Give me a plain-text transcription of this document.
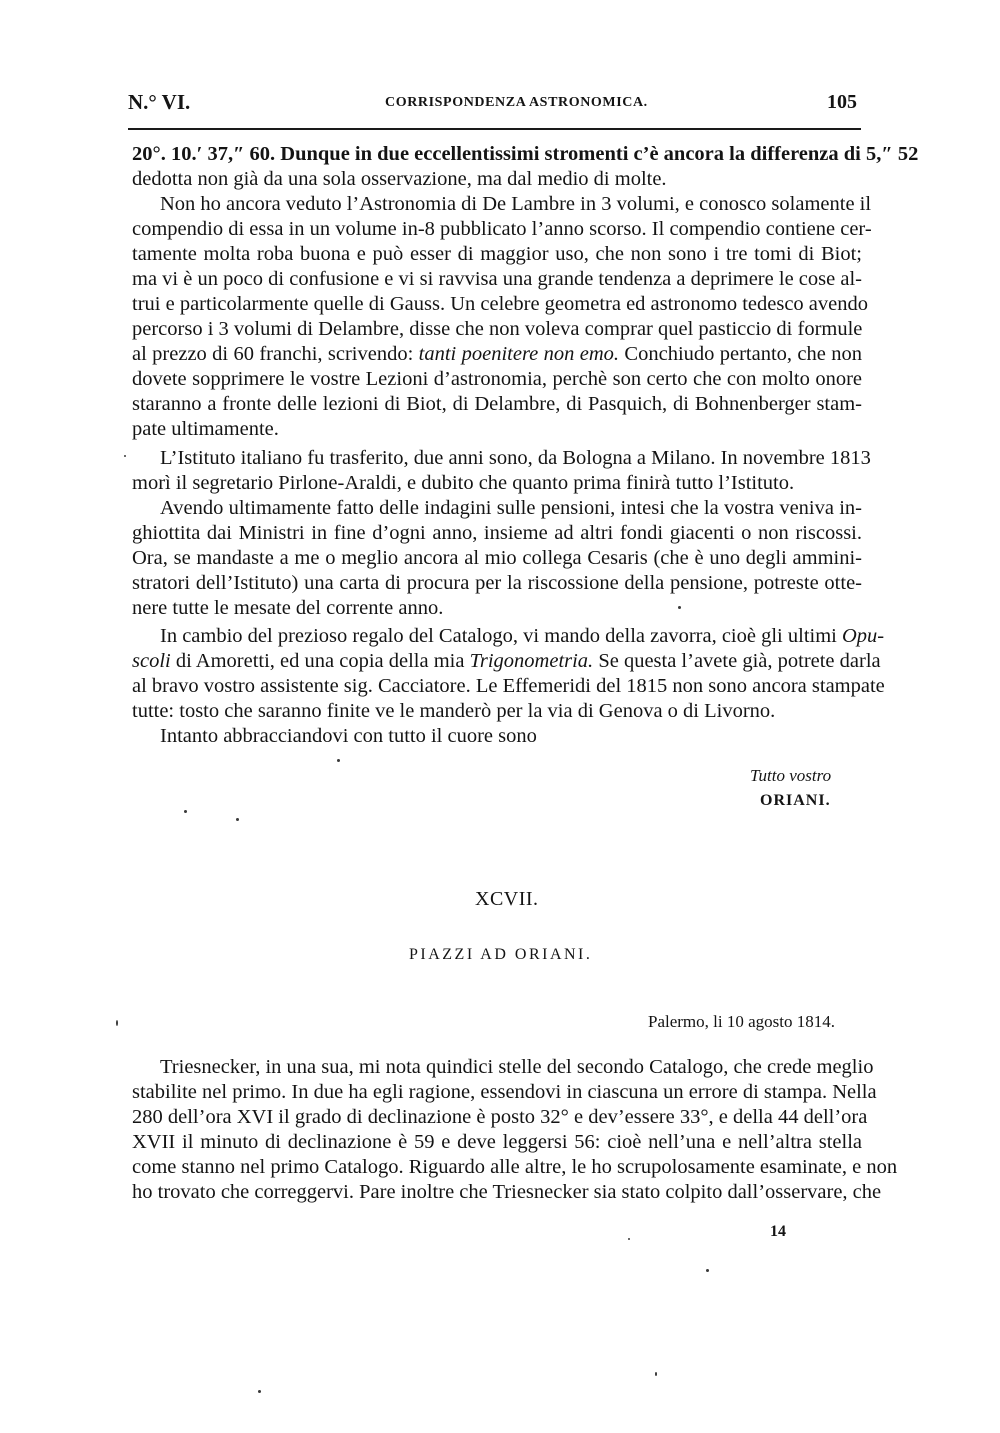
N.° VI.	CORRISPONDENZA ASTRONOMICA.	105
20°. 10.′ 37,″ 60. Dunque in due eccellentissimi stromenti c’è ancora la differenza di 5,″ 52
dedotta non già da una sola osservazione, ma dal medio di molte.
Non ho ancora veduto l’Astronomia di De Lambre in 3 volumi, e conosco solamente il
compendio di essa in un volume in-8 pubblicato l’anno scorso. Il compendio contiene cer-
tamente molta roba buona e può esser di maggior uso, che non sono i tre tomi di Biot;
ma vi è un poco di confusione e vi si ravvisa una grande tendenza a deprimere le cose al-
trui e particolarmente quelle di Gauss. Un celebre geometra ed astronomo tedesco avendo
percorso i 3 volumi di Delambre, disse che non voleva comprar quel pasticcio di formule
al prezzo di 60 franchi, scrivendo: tanti poenitere non emo. Conchiudo pertanto, che non
dovete sopprimere le vostre Lezioni d’astronomia, perchè son certo che con molto onore
staranno a fronte delle lezioni di Biot, di Delambre, di Pasquich, di Bohnenberger stam-
pate ultimamente.
L’Istituto italiano fu trasferito, due anni sono, da Bologna a Milano. In novembre 1813
morì il segretario Pirlone-Araldi, e dubito che quanto prima finirà tutto l’Istituto.
Avendo ultimamente fatto delle indagini sulle pensioni, intesi che la vostra veniva in-
ghiottita dai Ministri in fine d’ogni anno, insieme ad altri fondi giacenti o non riscossi.
Ora, se mandaste a me o meglio ancora al mio collega Cesaris (che è uno degli ammini-
stratori dell’Istituto) una carta di procura per la riscossione della pensione, potreste otte-
nere tutte le mesate del corrente anno.
In cambio del prezioso regalo del Catalogo, vi mando della zavorra, cioè gli ultimi Opu-
scoli di Amoretti, ed una copia della mia Trigonometria. Se questa l’avete già, potrete darla
al bravo vostro assistente sig. Cacciatore. Le Effemeridi del 1815 non sono ancora stampate
tutte: tosto che saranno finite ve le manderò per la via di Genova o di Livorno.
Intanto abbracciandovi con tutto il cuore sono
Tutto vostro
ORIANI.
XCVII.
PIAZZI AD ORIANI.
Palermo, li 10 agosto 1814.
Triesnecker, in una sua, mi nota quindici stelle del secondo Catalogo, che crede meglio
stabilite nel primo. In due ha egli ragione, essendovi in ciascuna un errore di stampa. Nella
280 dell’ora XVI il grado di declinazione è posto 32° e dev’essere 33°, e della 44 dell’ora
XVII il minuto di declinazione è 59 e deve leggersi 56: cioè nell’una e nell’altra stella
come stanno nel primo Catalogo. Riguardo alle altre, le ho scrupolosamente esaminate, e non
ho trovato che correggervi. Pare inoltre che Triesnecker sia stato colpito dall’osservare, che
14
